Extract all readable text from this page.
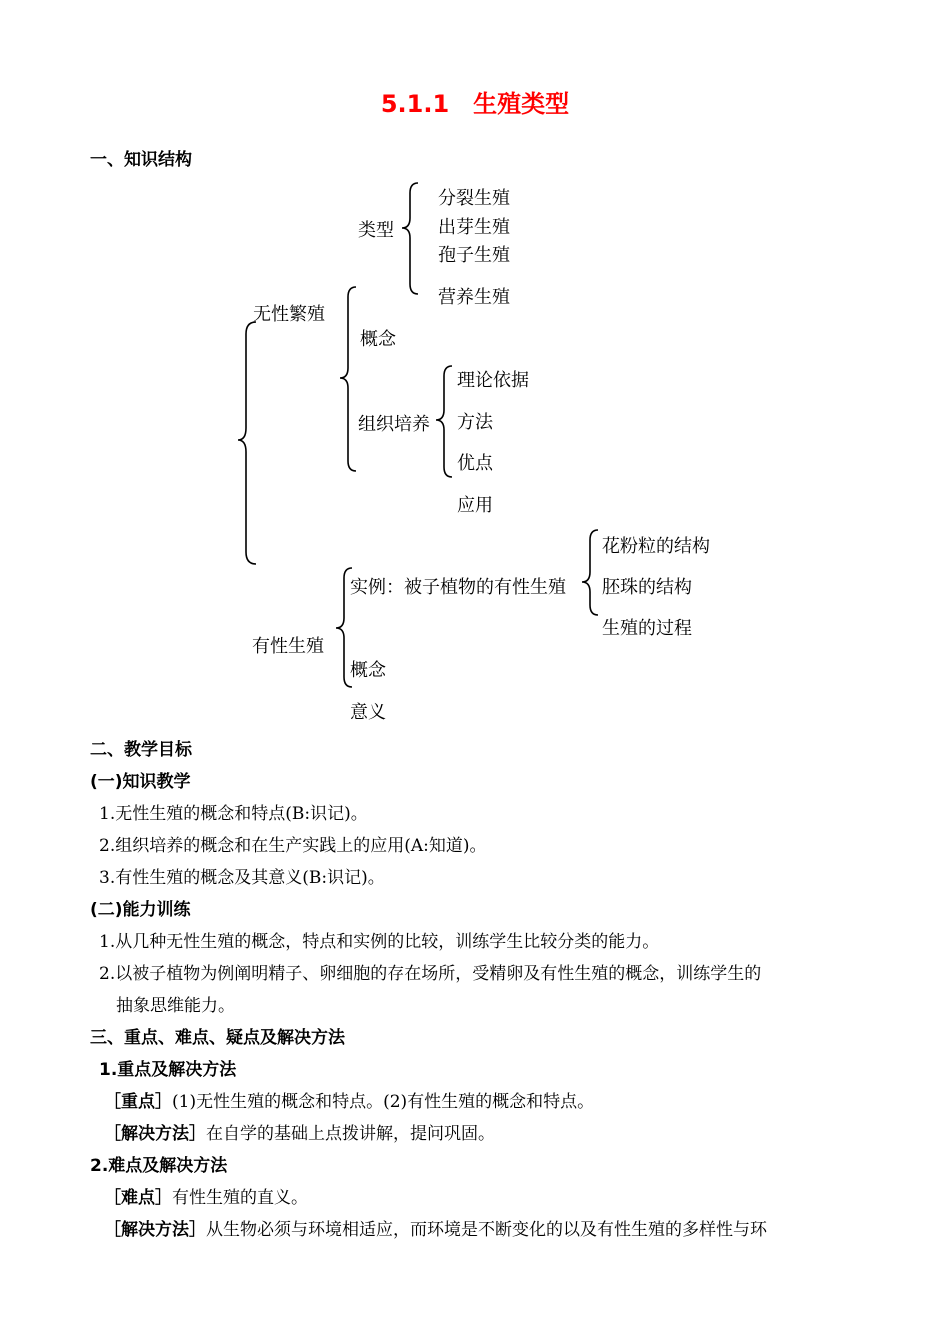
5.1.1　生殖类型
一、知识结构
类型
分裂生殖
出芽生殖
孢子生殖
营养生殖
无性繁殖
概念
组织培养
理论依据
方法
优点
应用
有性生殖
实例：被子植物的有性生殖
花粉粒的结构
胚珠的结构
生殖的过程
概念
意义
二、教学目标
(一)知识教学
1.无性生殖的概念和特点(B:识记)。
2.组织培养的概念和在生产实践上的应用(A:知道)。
3.有性生殖的概念及其意义(B:识记)。
(二)能力训练
1.从几种无性生殖的概念，特点和实例的比较，训练学生比较分类的能力。
2.以被子植物为例阐明精子、卵细胞的存在场所，受精卵及有性生殖的概念，训练学生的
抽象思维能力。
三、重点、难点、疑点及解决方法
1.重点及解决方法
［重点］(1)无性生殖的概念和特点。(2)有性生殖的概念和特点。
［解决方法］在自学的基础上点拨讲解，提问巩固。
2.难点及解决方法
［难点］有性生殖的直义。
［解决方法］从生物必须与环境相适应，而环境是不断变化的以及有性生殖的多样性与环
